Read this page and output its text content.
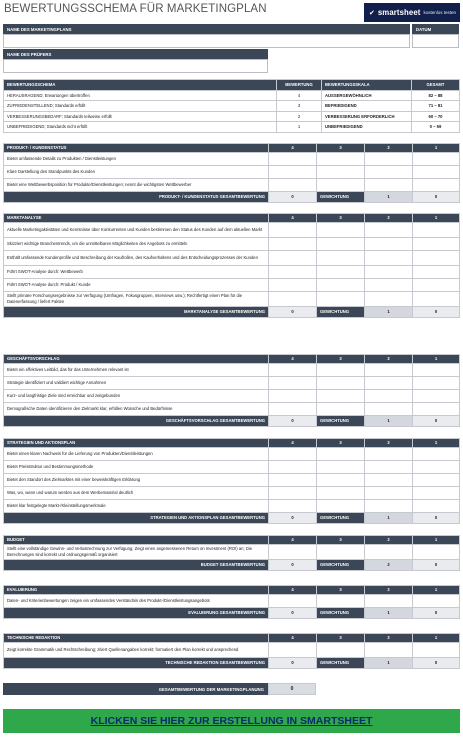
BEWERTUNGSSCHEMA FÜR MARKETINGPLAN	✔ smartsheet kostenlos testen
NAME DES MARKETINGPLANS	DATUM
NAME DES PRÜFERS
BEWERTUNGSSCHEMA	BEWERTUNG	BEWERTUNGSSKALA	GESAMT
HERAUSRAGEND; Erwartungen übertroffen	4	AUSSERGEWÖHNLICH	82 – 88
ZUFRIEDENSTELLEND; Standards erfüllt	3	BEFRIEDIGEND	71 – 81
VERBESSERUNGSBEDARF; Standards teilweise erfüllt	2	VERBESSERUNG ERFORDERLICH	60 – 70
UNBEFRIEDIGEND; Standards nicht erfüllt	1	UNBEFRIEDIGEND	0 – 59
PRODUKT- / KUNDENSTATUS	4	3	2	1
Bietet umfassende Details zu Produkten / Dienstleistungen				
Klare Darstellung des Standpunkts des Kunden				
Bietet eine Wettbewerbsposition für Produkte/Dienstleistungen; nennt die wichtigsten Wettbewerber				
PRODUKT- / KUNDENSTATUS GESAMTBEWERTUNG	0	GEWICHTUNG	1	0
MARKTANALYSE	4	3	2	1
Aktuelle Marketingaktivitäten und Kenntnisse über Konkurrenten und Kunden bestimmen den Status des Kunden auf dem aktuellen Markt				
Skizziert wichtige Branchentrends, um die unmittelbaren Möglichkeiten des Angebots zu ermitteln				
Enthält umfassende Kundenprofile und Beschreibung der Kaufrollen, des Kaufverhaltens und des Entscheidungsprozesses der Kunden				
Führt SWOT-Analyse durch: Wettbewerb				
Führt SWOT-Analyse durch: Produkt / Kunde				
Stellt primäre Forschungsergebnisse zur Verfügung (Umfragen, Fokusgruppen, Interviews usw.); Rechtfertigt einen Plan für die Datenerfassung / liefert Fakten				
MARKTANALYSE GESAMTBEWERTUNG	0	GEWICHTUNG	1	0
GESCHÄFTSVORSCHLAG	4	3	2	1
Bietet ein effektives Leitbild, das für das Unternehmen relevant ist				
Strategie identifiziert und validiert wichtige Annahmen				
Kurz- und langfristige Ziele sind erreichbar und zeitgebunden				
Demografische Daten identifizieren den Zielmarkt klar, erfüllen Wünsche und Bedürfnisse				
GESCHÄFTSVORSCHLAG GESAMTBEWERTUNG	0	GEWICHTUNG	1	0
STRATEGIEN UND AKTIONSPLAN	4	3	2	1
Bietet einen klaren Nachweis für die Lieferung von Produkten/Dienstleistungen				
Bietet Preisstruktur und Bestimmungsmethode				
Bietet den Standort des Zielmarktes mit einer beweiskräftigen Erklärung				
Was, wo, wann und warum werden aus dem Werbematerial deutlich				
Bietet klar festgelegte Markt-/Kleinstellungsmerkmale				
STRATEGIEN UND AKTIONSPLAN GESAMTBEWERTUNG	0	GEWICHTUNG	1	0
BUDGET	4	3	2	1
Stellt eine vollständige Gewinn- und Verlustrechnung zur Verfügung; Zeigt einen angemessenen Return on Investment (ROI) an; Die Berechnungen sind korrekt und ordnungsgemäß organisiert				
BUDGET GESAMTBEWERTUNG	0	GEWICHTUNG	2	0
EVALUIERUNG	4	3	2	1
Daten- und Kriterienbewertungen zeigen ein umfassendes Verständnis des Produkt-/Dienstleistungsangebots				
EVALUIERUNG GESAMTBEWERTUNG	0	GEWICHTUNG	1	0
TECHNISCHE REDAKTION	4	3	2	1
Zeigt korrekte Grammatik und Rechtschreibung; zitiert Quellenangaben korrekt; formatiert den Plan korrekt und ansprechend				
TECHNISCHE REDAKTION GESAMTBEWERTUNG	0	GEWICHTUNG	1	0
GESAMTBEWERTUNG DER MARKETINGPLANUNG	0
KLICKEN SIE HIER ZUR ERSTELLUNG IN SMARTSHEET
